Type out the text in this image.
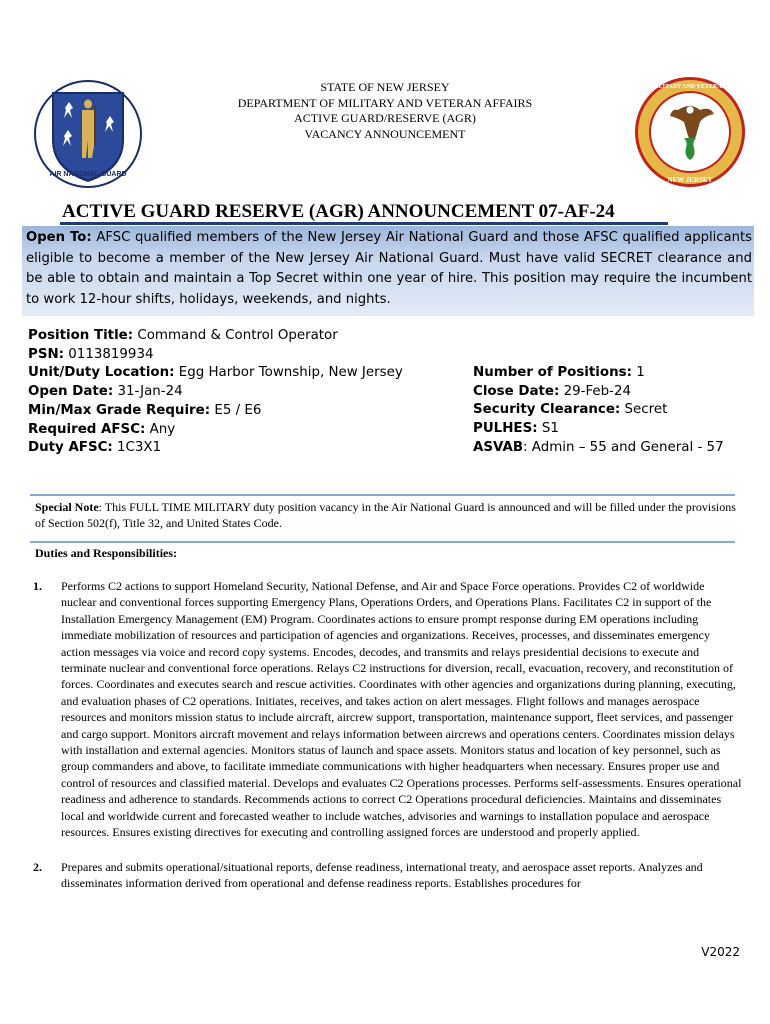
AIR NATIONAL GUARD
MILITARY AND VETERANS
NEW JERSEY
STATE OF NEW JERSEY
DEPARTMENT OF MILITARY AND VETERAN AFFAIRS
ACTIVE GUARD/RESERVE (AGR)
VACANCY ANNOUNCEMENT
ACTIVE GUARD RESERVE (AGR) ANNOUNCEMENT 07-AF-24
Open To: AFSC qualified members of the New Jersey Air National Guard and those AFSC qualified applicants eligible to become a member of the New Jersey Air National Guard. Must have valid SECRET clearance and be able to obtain and maintain a Top Secret within one year of hire. This position may require the incumbent to work 12-hour shifts, holidays, weekends, and nights.
Position Title: Command & Control Operator
PSN: 0113819934
Unit/Duty Location: Egg Harbor Township, New Jersey
Open Date: 31-Jan-24
Min/Max Grade Require: E5 / E6
Required AFSC: Any
Duty AFSC: 1C3X1
Number of Positions: 1
Close Date: 29-Feb-24
Security Clearance: Secret
PULHES: S1
ASVAB: Admin – 55 and General - 57
Special Note: This FULL TIME MILITARY duty position vacancy in the Air National Guard is announced and will be filled under the provisions of Section 502(f), Title 32, and United States Code.
Duties and Responsibilities:
1.	Performs C2 actions to support Homeland Security, National Defense, and Air and Space Force operations. Provides C2 of worldwide nuclear and conventional forces supporting Emergency Plans, Operations Orders, and Operations Plans. Facilitates C2 in support of the Installation Emergency Management (EM) Program. Coordinates actions to ensure prompt response during EM operations including immediate mobilization of resources and participation of agencies and organizations. Receives, processes, and disseminates emergency action messages via voice and record copy systems. Encodes, decodes, and transmits and relays presidential decisions to execute and terminate nuclear and conventional force operations. Relays C2 instructions for diversion, recall, evacuation, recovery, and reconstitution of forces. Coordinates and executes search and rescue activities. Coordinates with other agencies and organizations during planning, executing, and evaluation phases of C2 operations. Initiates, receives, and takes action on alert messages. Flight follows and manages aerospace resources and monitors mission status to include aircraft, aircrew support, transportation, maintenance support, fleet services, and passenger and cargo support. Monitors aircraft movement and relays information between aircrews and operations centers. Coordinates mission delays with installation and external agencies. Monitors status of launch and space assets. Monitors status and location of key personnel, such as group commanders and above, to facilitate immediate communications with higher headquarters when necessary. Ensures proper use and control of resources and classified material. Develops and evaluates C2 Operations processes. Performs self-assessments. Ensures operational readiness and adherence to standards. Recommends actions to correct C2 Operations procedural deficiencies. Maintains and disseminates local and worldwide current and forecasted weather to include watches, advisories and warnings to installation populace and aerospace resources. Ensures existing directives for executing and controlling assigned forces are understood and properly applied.
2.	Prepares and submits operational/situational reports, defense readiness, international treaty, and aerospace asset reports. Analyzes and disseminates information derived from operational and defense readiness reports. Establishes procedures for
V2022
